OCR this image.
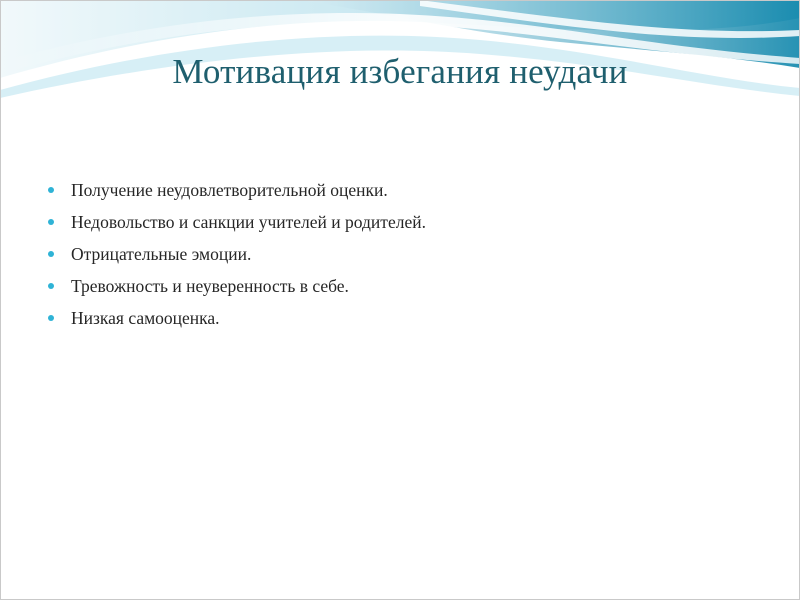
Мотивация избегания неудачи
Получение неудовлетворительной оценки.
Недовольство и санкции учителей и родителей.
Отрицательные эмоции.
Тревожность и неуверенность в себе.
Низкая самооценка.
